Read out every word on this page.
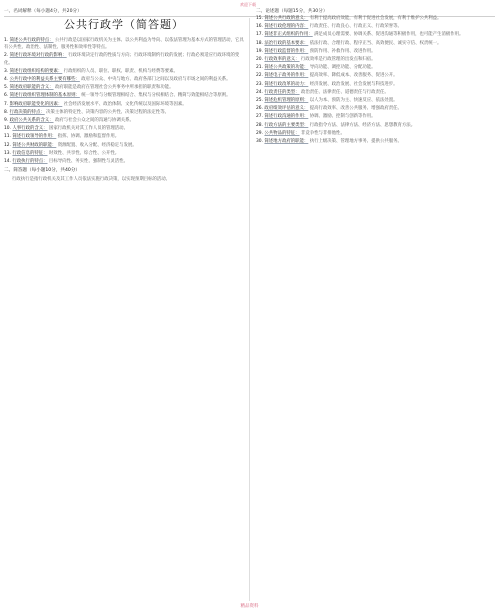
欢迎下载
一、名词解释（每小题4分，共20分）
公共行政学（简答题）
1. 简述公共行政的特点： 公共行政是以国家行政机关为主体、以公共利益为导向、以依法管理为基本方式的管理活动，它具有公共性、政治性、法制性、服务性和效率性等特点。
2. 简述行政环境对行政的影响： 行政环境决定行政的性质与方向；行政环境制约行政的发展；行政必须适应行政环境的变化。
3. 简述行政组织结构的要素： 行政组织的人员、职位、职权、职责、机构与经费等要素。
4. 公共行政中的利益关系主要有哪些： 政府与公众、中央与地方、政府各部门之间以及政府与市场之间的利益关系。
5. 简述政府职能的含义： 政府职能是政府在管理社会公共事务中所承担的职责和功能。
6. 简述行政组织管理体制的基本原则： 统一领导与分级管理相结合、集权与分权相结合、精简与效能相结合等原则。
7. 影响政府职能变化的因素： 社会经济发展水平、政治体制、文化传统以及国际环境等因素。
8. 行政决策的特点： 决策主体的特定性、决策内容的公共性、决策过程的法定性等。
9. 政府公共关系的含义： 政府与社会公众之间的沟通与协调关系。
10. 人事行政的含义： 国家行政机关对其工作人员的管理活动。
11. 简述行政领导的作用： 指挥、协调、激励和监督作用。
12. 简述公共财政的职能： 资源配置、收入分配、经济稳定与发展。
13. 行政信息的特征： 时效性、共享性、综合性、公开性。
14. 行政执行的特点： 目标导向性、务实性、强制性与灵活性。
二、简答题（每小题10分，共40分）
行政执行是指行政机关及其工作人员依法实施行政决策，以实现预期目标的活动。
二、论述题（每题15分，共30分）
15. 简述公共行政的意义： 有利于提高政府效能，有利于促进社会发展，有利于维护公共利益。
16. 简述行政伦理的内容： 行政责任、行政良心、行政正义、行政荣誉等。
17. 简述非正式组织的作用： 满足成员心理需要、协调关系、促进沟通等积极作用，也可能产生消极作用。
18. 法治行政的基本要求： 依法行政、合理行政、程序正当、高效便民、诚实守信、权责统一。
19. 简述行政监督的作用： 预防作用、补救作用、改进作用。
20. 行政效率的意义： 行政效率是行政管理的出发点和归宿。
21. 简述公共政策的功能： 导向功能、调控功能、分配功能。
22. 简述电子政务的作用： 提高效率、降低成本、改善服务、促进公开。
23. 简述行政改革的动力： 经济发展、政治发展、社会发展与科技进步。
24. 行政责任的类型： 政治责任、法律责任、道德责任与行政责任。
25. 简述危机管理的原则： 以人为本、预防为主、快速反应、依法处置。
26. 政府绩效评估的意义： 提高行政效率、改善公共服务、增强政府责任。
27. 简述行政沟通的作用： 协调、激励、控制与创新等作用。
28. 行政方法的主要类型： 行政指令方法、法律方法、经济方法、思想教育方法。
29. 公共物品的特征： 非竞争性与非排他性。
30. 简述地方政府的职能： 执行上级决策、管理地方事务、提供公共服务。
精品资料
